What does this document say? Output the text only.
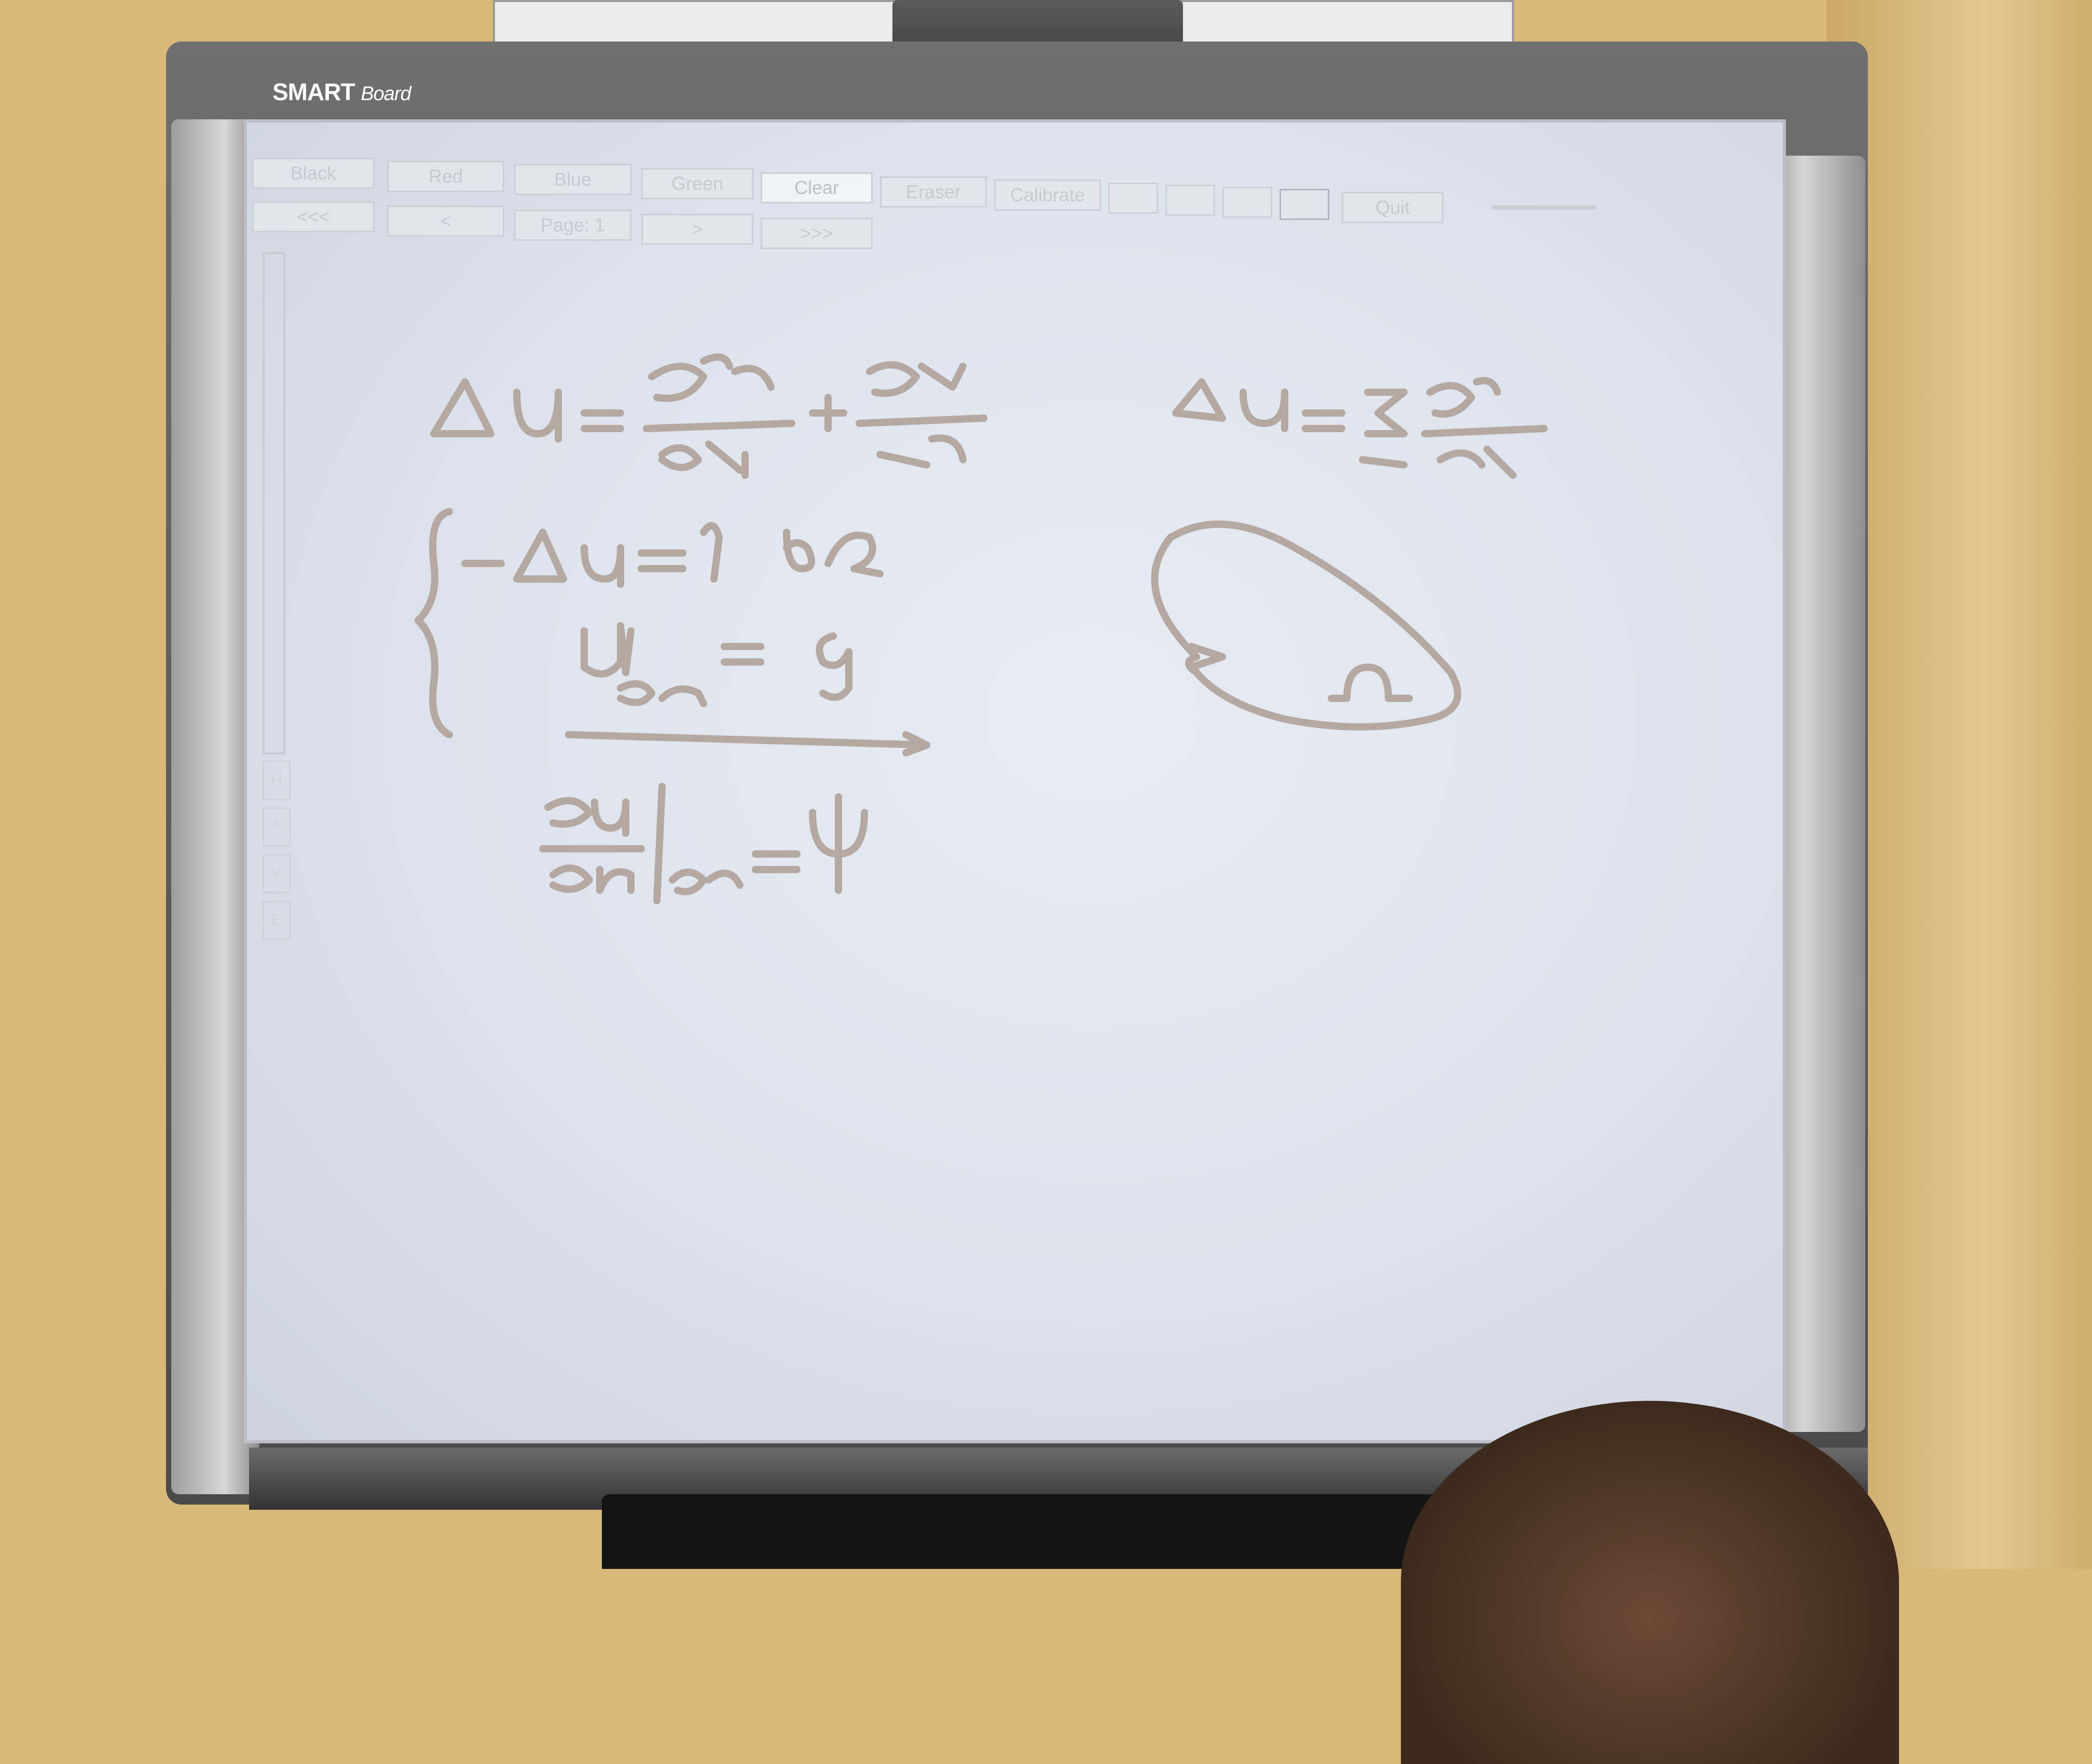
SMART Board
Black	Red	Blue	Green	Clear	Eraser	Calibrate
Quit
<<<	<	Page: 1	>	>>>
H
^
v
E
